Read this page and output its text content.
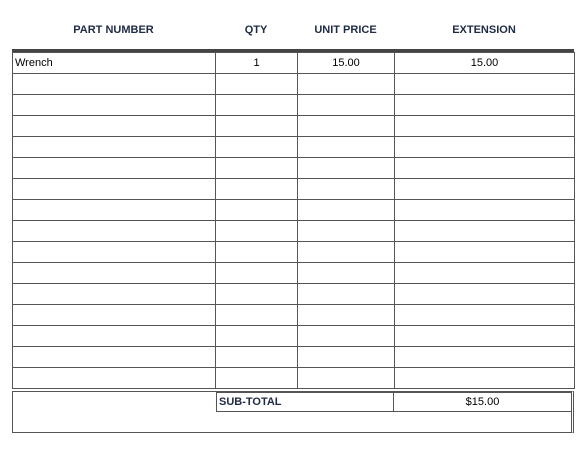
PART NUMBER	QTY	UNIT PRICE	EXTENSION
Wrench	1	15.00	15.00

SUB-TOTAL	$15.00
